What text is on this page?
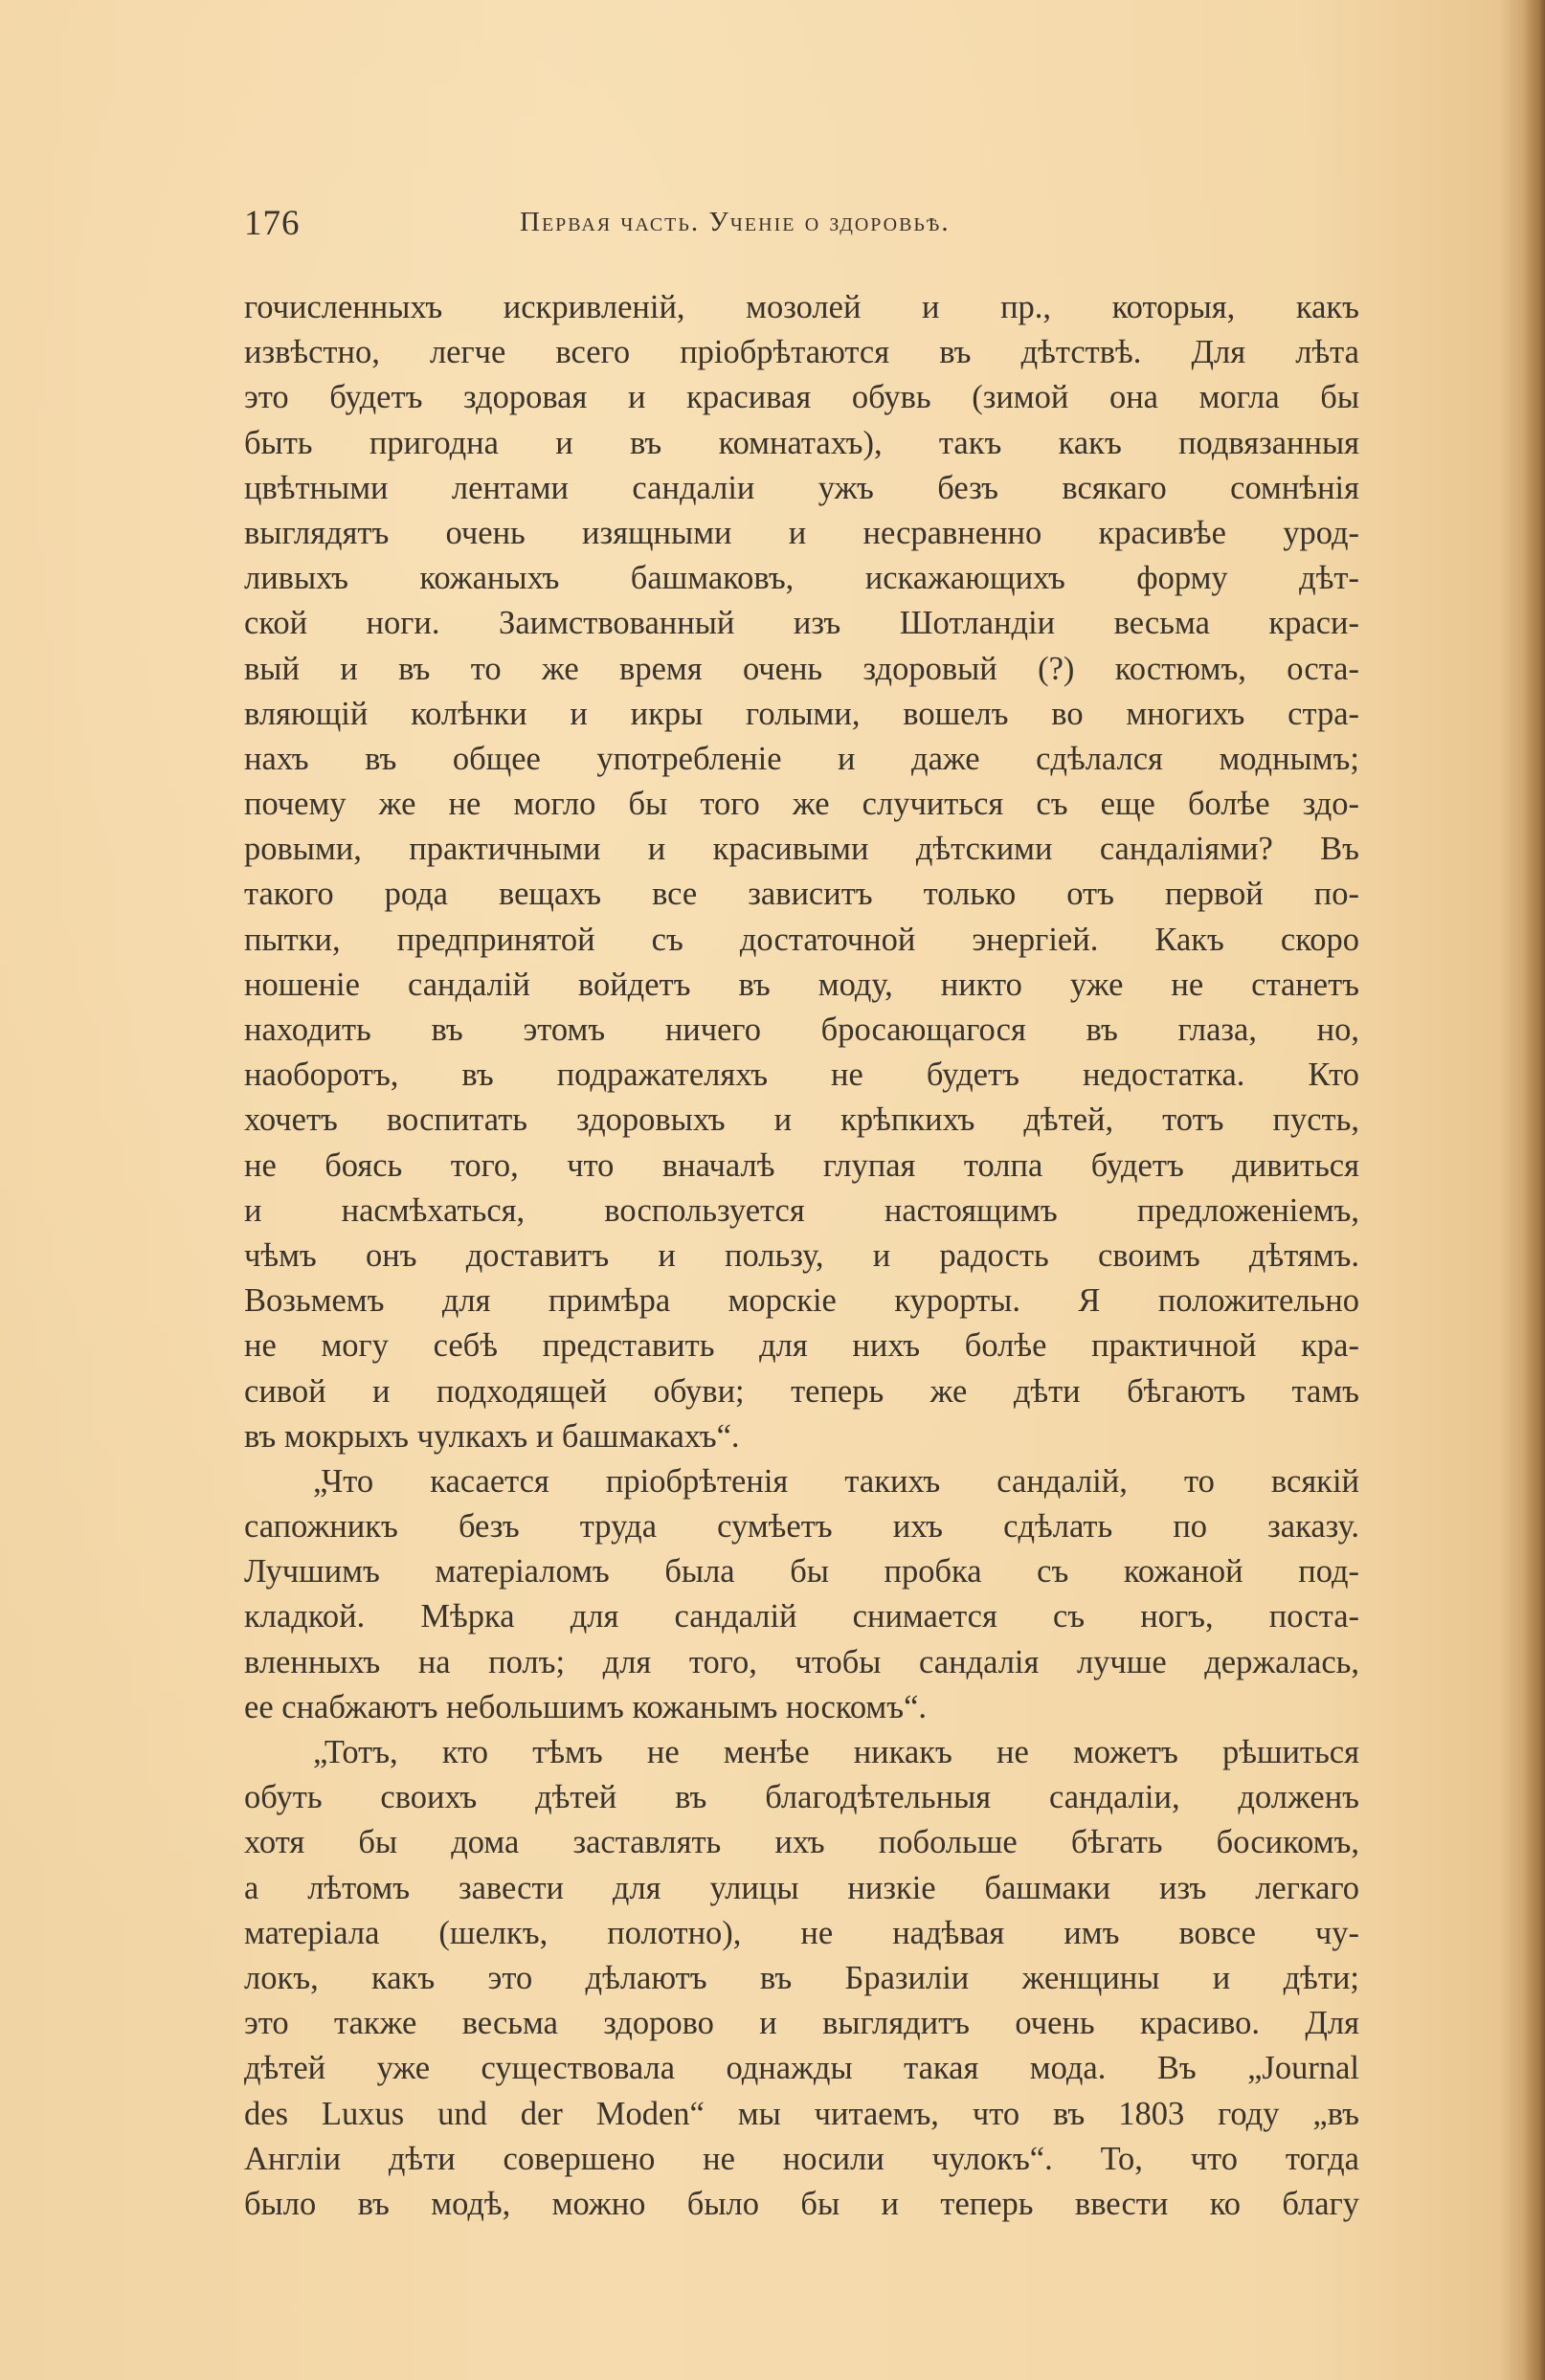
176	Первая часть. Ученіе о здоровьѣ.
гочисленныхъ искривленій, мозолей и пр., которыя, какъ
извѣстно, легче всего пріобрѣтаются въ дѣтствѣ. Для лѣта
это будетъ здоровая и красивая обувь (зимой она могла бы
быть пригодна и въ комнатахъ), такъ какъ подвязанныя
цвѣтными лентами сандаліи ужъ безъ всякаго сомнѣнія
выглядятъ очень изящными и несравненно красивѣе урод-
ливыхъ кожаныхъ башмаковъ, искажающихъ форму дѣт-
ской ноги. Заимствованный изъ Шотландіи весьма краси-
вый и въ то же время очень здоровый (?) костюмъ, оста-
вляющій колѣнки и икры голыми, вошелъ во многихъ стра-
нахъ въ общее употребленіе и даже сдѣлался моднымъ;
почему же не могло бы того же случиться съ еще болѣе здо-
ровыми, практичными и красивыми дѣтскими сандаліями? Въ
такого рода вещахъ все зависитъ только отъ первой по-
пытки, предпринятой съ достаточной энергіей. Какъ скоро
ношеніе сандалій войдетъ въ моду, никто уже не станетъ
находить въ этомъ ничего бросающагося въ глаза, но,
наоборотъ, въ подражателяхъ не будетъ недостатка. Кто
хочетъ воспитать здоровыхъ и крѣпкихъ дѣтей, тотъ пусть,
не боясь того, что вначалѣ глупая толпа будетъ дивиться
и насмѣхаться, воспользуется настоящимъ предложеніемъ,
чѣмъ онъ доставитъ и пользу, и радость своимъ дѣтямъ.
Возьмемъ для примѣра морскіе курорты. Я положительно
не могу себѣ представить для нихъ болѣе практичной кра-
сивой и подходящей обуви; теперь же дѣти бѣгаютъ тамъ
въ мокрыхъ чулкахъ и башмакахъ“.
„Что касается пріобрѣтенія такихъ сандалій, то всякій
сапожникъ безъ труда сумѣетъ ихъ сдѣлать по заказу.
Лучшимъ матеріаломъ была бы пробка съ кожаной под-
кладкой. Мѣрка для сандалій снимается съ ногъ, поста-
вленныхъ на полъ; для того, чтобы сандалія лучше держалась,
ее снабжаютъ небольшимъ кожанымъ носкомъ“.
„Тотъ, кто тѣмъ не менѣе никакъ не можетъ рѣшиться
обуть своихъ дѣтей въ благодѣтельныя сандаліи, долженъ
хотя бы дома заставлять ихъ побольше бѣгать босикомъ,
а лѣтомъ завести для улицы низкіе башмаки изъ легкаго
матеріала (шелкъ, полотно), не надѣвая имъ вовсе чу-
локъ, какъ это дѣлаютъ въ Бразиліи женщины и дѣти;
это также весьма здорово и выглядитъ очень красиво. Для
дѣтей уже существовала однажды такая мода. Въ „Journal
des Luxus und der Moden“ мы читаемъ, что въ 1803 году „въ
Англіи дѣти совершено не носили чулокъ“. То, что тогда
было въ модѣ, можно было бы и теперь ввести ко благу
